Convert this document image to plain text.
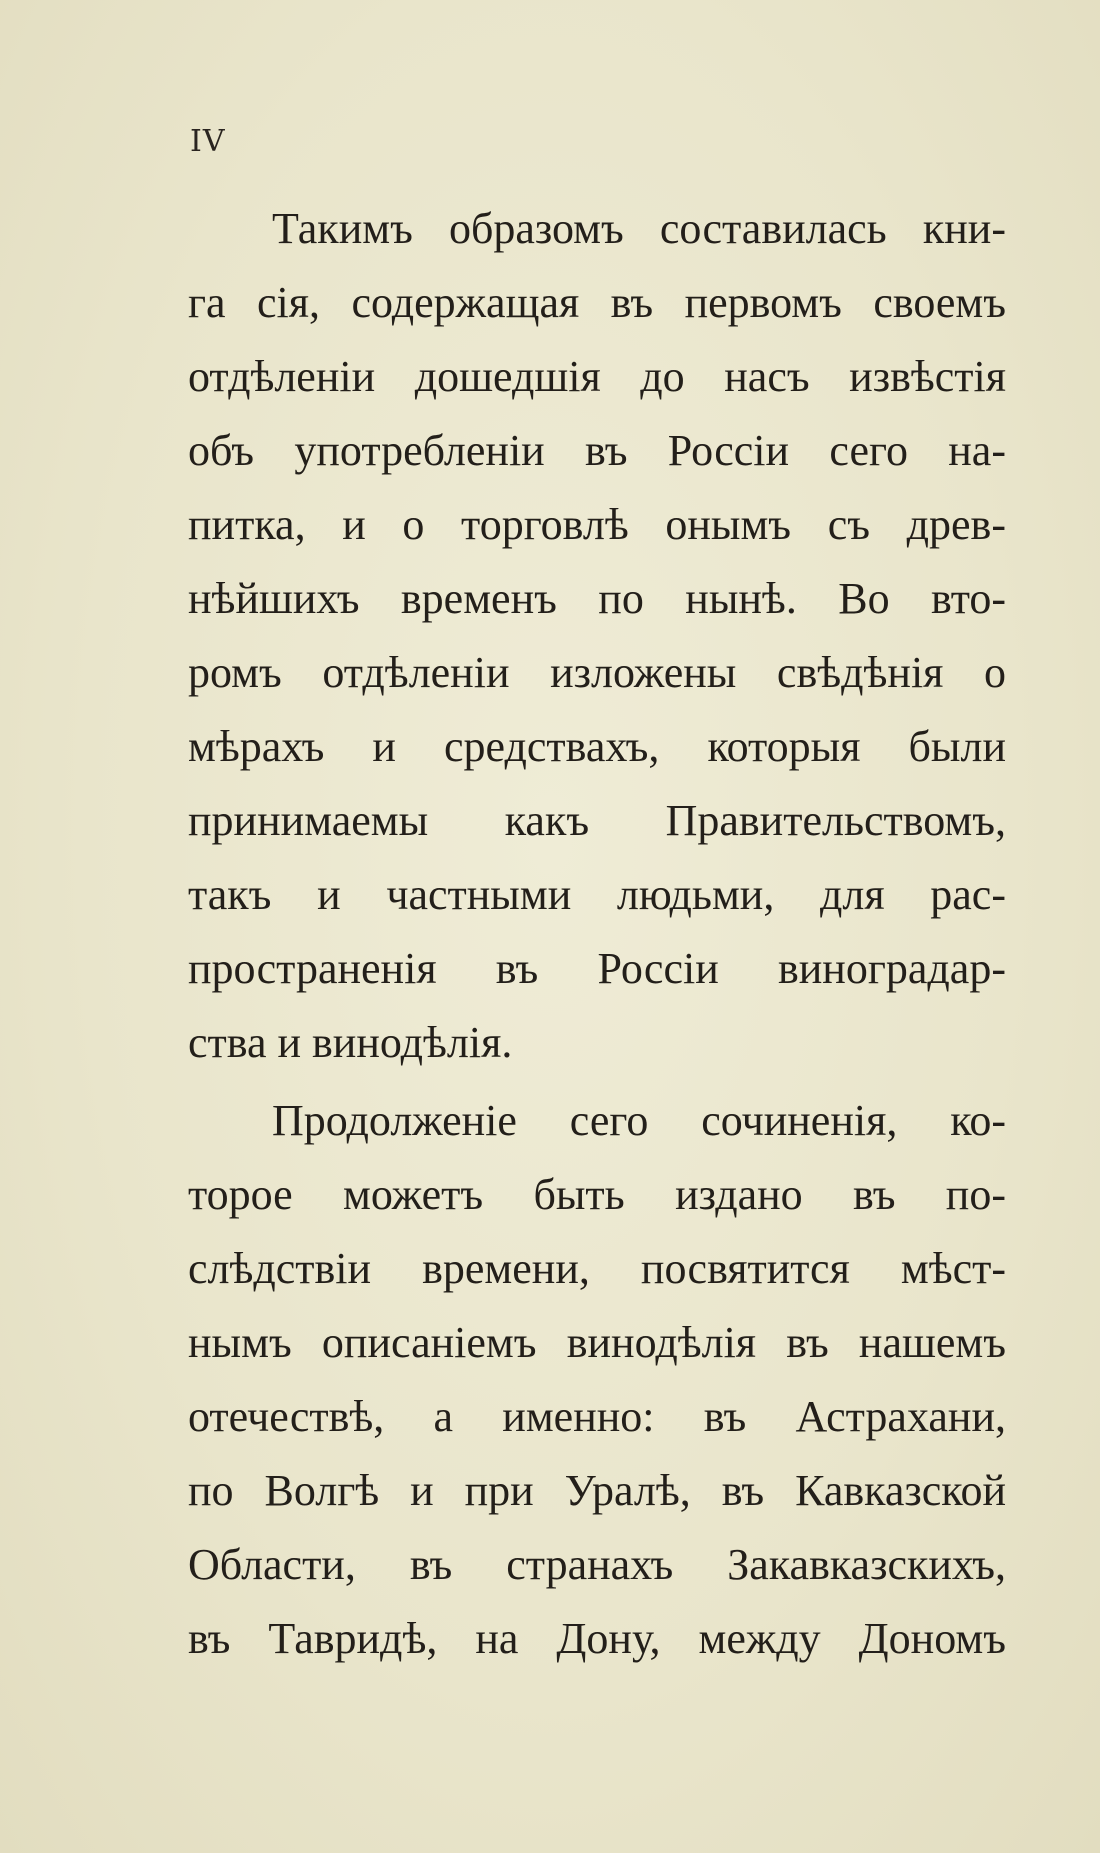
IV
Такимъ образомъ составилась кни-
га сія, содержащая въ первомъ своемъ
отдѣленіи дошедшія до насъ извѣстія
объ употребленіи въ Россіи сего на-
питка, и о торговлѣ онымъ съ древ-
нѣйшихъ временъ по нынѣ. Во вто-
ромъ отдѣленіи изложены свѣдѣнія о
мѣрахъ и средствахъ, которыя были
принимаемы какъ Правительствомъ,
такъ и частными людьми, для рас-
пространенія въ Россіи виноградар-
ства и винодѣлія.
Продолженіе сего сочиненія, ко-
торое можетъ быть издано въ по-
слѣдствіи времени, посвятится мѣст-
нымъ описаніемъ винодѣлія въ нашемъ
отечествѣ, а именно: въ Астрахани,
по Волгѣ и при Уралѣ, въ Кавказской
Области, въ странахъ Закавказскихъ,
въ Тавридѣ, на Дону, между Дономъ
